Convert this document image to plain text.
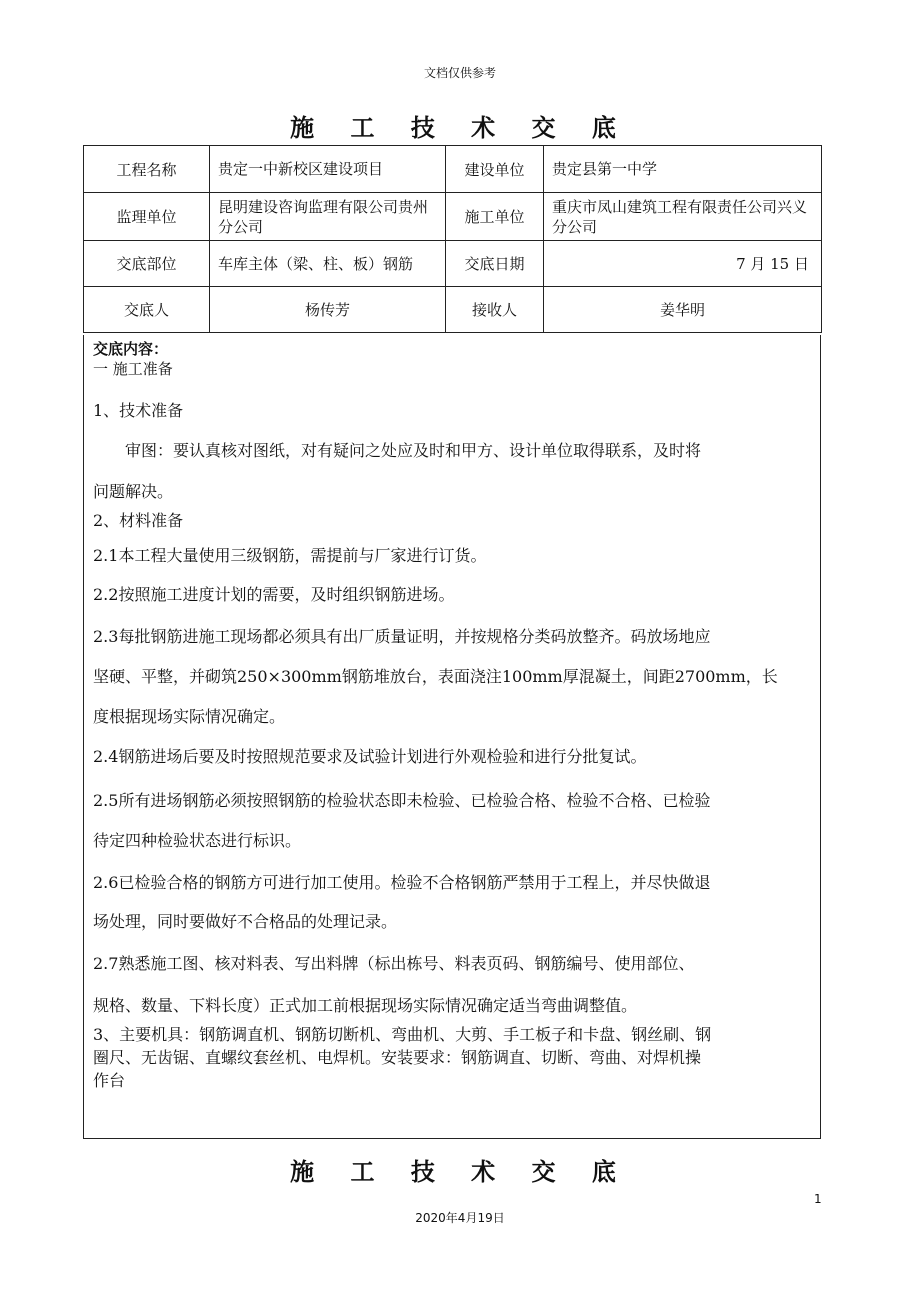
文档仅供参考
施 工 技 术 交 底
工程名称	贵定一中新校区建设项目	建设单位	贵定县第一中学
监理单位	昆明建设咨询监理有限公司贵州分公司	施工单位	重庆市凤山建筑工程有限责任公司兴义分公司
交底部位	车库主体（梁、柱、板）钢筋	交底日期	7 月 15 日
交底人	杨传芳	接收人	姜华明

交底内容：

一 施工准备

1、技术准备

审图：要认真核对图纸，对有疑问之处应及时和甲方、设计单位取得联系，及时将

问题解决。

2、材料准备

2.1本工程大量使用三级钢筋，需提前与厂家进行订货。

2.2按照施工进度计划的需要，及时组织钢筋进场。

2.3每批钢筋进施工现场都必须具有出厂质量证明，并按规格分类码放整齐。码放场地应

坚硬、平整，并砌筑250×300mm钢筋堆放台，表面浇注100mm厚混凝土，间距2700mm，长

度根据现场实际情况确定。

2.4钢筋进场后要及时按照规范要求及试验计划进行外观检验和进行分批复试。

2.5所有进场钢筋必须按照钢筋的检验状态即未检验、已检验合格、检验不合格、已检验

待定四种检验状态进行标识。

2.6已检验合格的钢筋方可进行加工使用。检验不合格钢筋严禁用于工程上，并尽快做退

场处理，同时要做好不合格品的处理记录。

2.7熟悉施工图、核对料表、写出料牌（标出栋号、料表页码、钢筋编号、使用部位、

规格、数量、下料长度）正式加工前根据现场实际情况确定适当弯曲调整值。

3、主要机具：钢筋调直机、钢筋切断机、弯曲机、大剪、手工板子和卡盘、钢丝刷、钢

圈尺、无齿锯、直螺纹套丝机、电焊机。安装要求：钢筋调直、切断、弯曲、对焊机操

作台

施 工 技 术 交 底
1
2020年4月19日
